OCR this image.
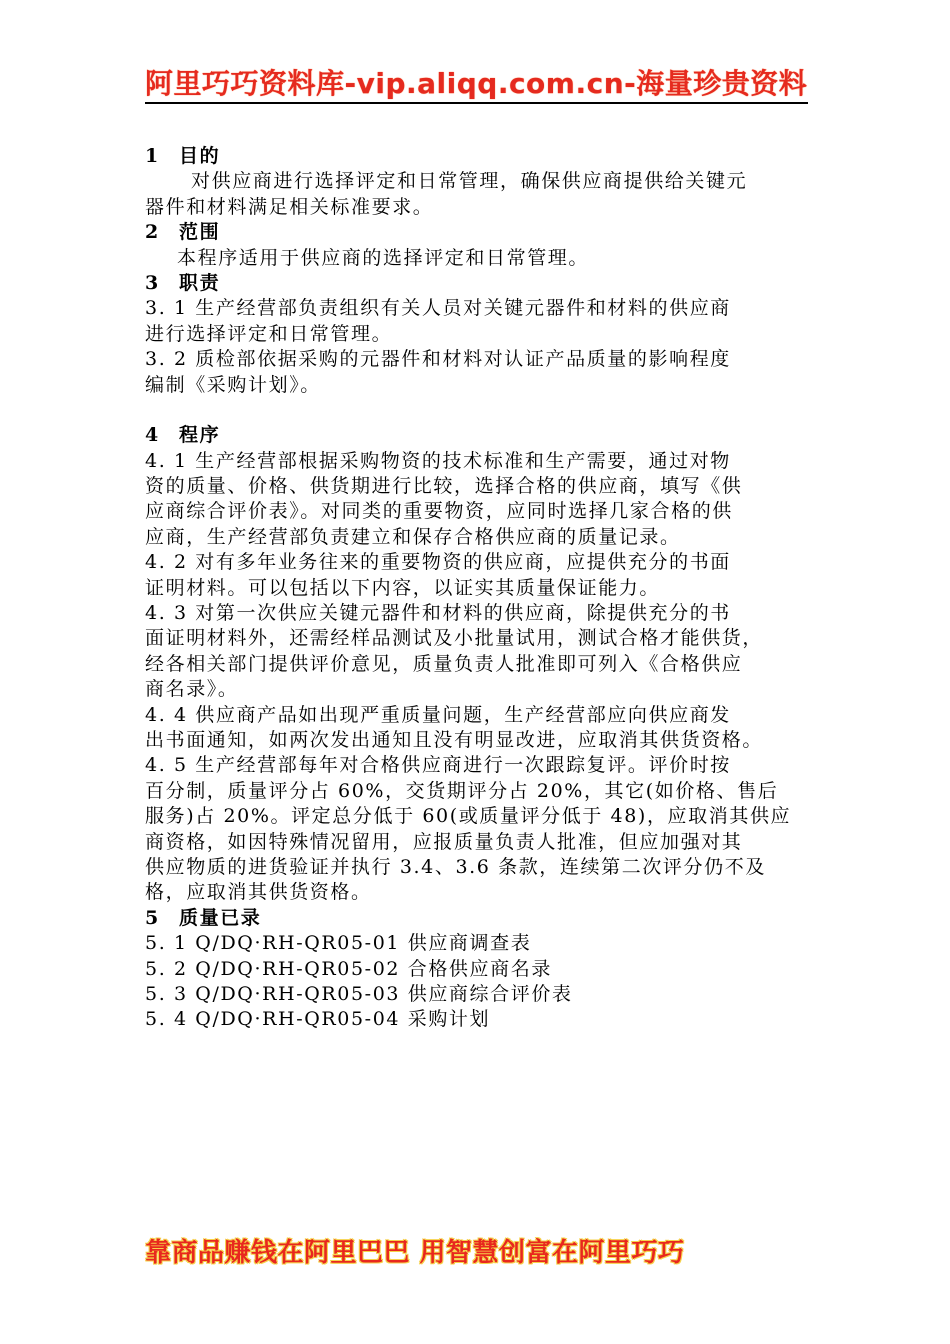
阿里巧巧资料库-vip.aliqq.com.cn-海量珍贵资料
1 目的
对供应商进行选择评定和日常管理，确保供应商提供给关键元
器件和材料满足相关标准要求。
2 范围
本程序适用于供应商的选择评定和日常管理。
3 职责
3. 1 生产经营部负责组织有关人员对关键元器件和材料的供应商
进行选择评定和日常管理。
3. 2 质检部依据采购的元器件和材料对认证产品质量的影响程度
编制《采购计划》。
4 程序
4. 1 生产经营部根据采购物资的技术标准和生产需要，通过对物
资的质量、价格、供货期进行比较，选择合格的供应商，填写《供
应商综合评价表》。对同类的重要物资，应同时选择几家合格的供
应商，生产经营部负责建立和保存合格供应商的质量记录。
4. 2 对有多年业务往来的重要物资的供应商，应提供充分的书面
证明材料。可以包括以下内容，以证实其质量保证能力。
4. 3 对第一次供应关键元器件和材料的供应商，除提供充分的书
面证明材料外，还需经样品测试及小批量试用，测试合格才能供货，
经各相关部门提供评价意见，质量负责人批准即可列入《合格供应
商名录》。
4. 4 供应商产品如出现严重质量问题，生产经营部应向供应商发
出书面通知，如两次发出通知且没有明显改进，应取消其供货资格。
4. 5 生产经营部每年对合格供应商进行一次跟踪复评。评价时按
百分制，质量评分占 60%，交货期评分占 20%，其它(如价格、售后
服务)占 20%。评定总分低于 60(或质量评分低于 48)，应取消其供应
商资格，如因特殊情况留用，应报质量负责人批准，但应加强对其
供应物质的进货验证并执行 3.4、3.6 条款，连续第二次评分仍不及
格，应取消其供货资格。
5 质量已录
5. 1 Q/DQ·RH-QR05-01 供应商调查表
5. 2 Q/DQ·RH-QR05-02 合格供应商名录
5. 3 Q/DQ·RH-QR05-03 供应商综合评价表
5. 4 Q/DQ·RH-QR05-04 采购计划
靠商品赚钱在阿里巴巴 用智慧创富在阿里巧巧
